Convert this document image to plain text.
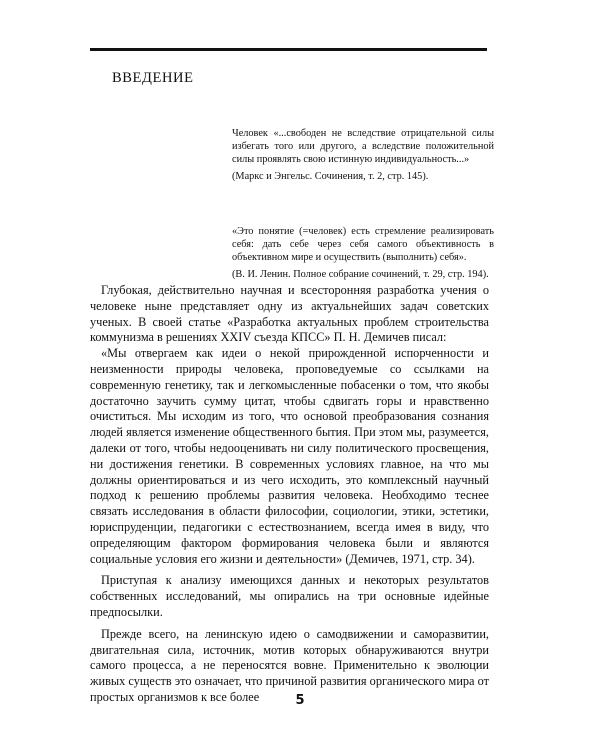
ВВЕДЕНИЕ

Человек «...свободен не вследствие отрицательной силы избегать того или другого, а вследствие положительной силы проявлять свою истинную индивидуальность...»

(Маркс и Энгельс. Сочинения, т. 2, стр. 145).

«Это понятие (=человек) есть стремление реализировать себя: дать себе через себя самого объективность в объективном мире и осуществить (выполнить) себя».

(В. И. Ленин. Полное собрание сочинений, т. 29, стр. 194).

Глубокая, действительно научная и всесторонняя разработка учения о человеке ныне представляет одну из актуальнейших задач советских ученых. В своей статье «Разработка актуальных проблем строительства коммунизма в решениях XXIV съезда КПСС» П. Н. Демичев писал:

«Мы отвергаем как идеи о некой прирожденной испорченности и неизменности природы человека, проповедуемые со ссылками на современную генетику, так и легкомысленные побасенки о том, что якобы достаточно заучить сумму цитат, чтобы сдвигать горы и нравственно очиститься. Мы исходим из того, что основой преобразования сознания людей является изменение общественного бытия. При этом мы, разумеется, далеки от того, чтобы недооценивать ни силу политического просвещения, ни достижения генетики. В современных условиях главное, на что мы должны ориентироваться и из чего исходить, это комплексный научный подход к решению проблемы развития человека. Необходимо теснее связать исследования в области философии, социологии, этики, эстетики, юриспруденции, педагогики с естествознанием, всегда имея в виду, что определяющим фактором формирования человека были и являются социальные условия его жизни и деятельности» (Демичев, 1971, стр. 34).

Приступая к анализу имеющихся данных и некоторых результатов собственных исследований, мы опирались на три основные идейные предпосылки.

Прежде всего, на ленинскую идею о самодвижении и саморазвитии, двигательная сила, источник, мотив которых обнаруживаются внутри самого процесса, а не переносятся вовне. Применительно к эволюции живых существ это означает, что причиной развития органического мира от простых организмов к все более	5
